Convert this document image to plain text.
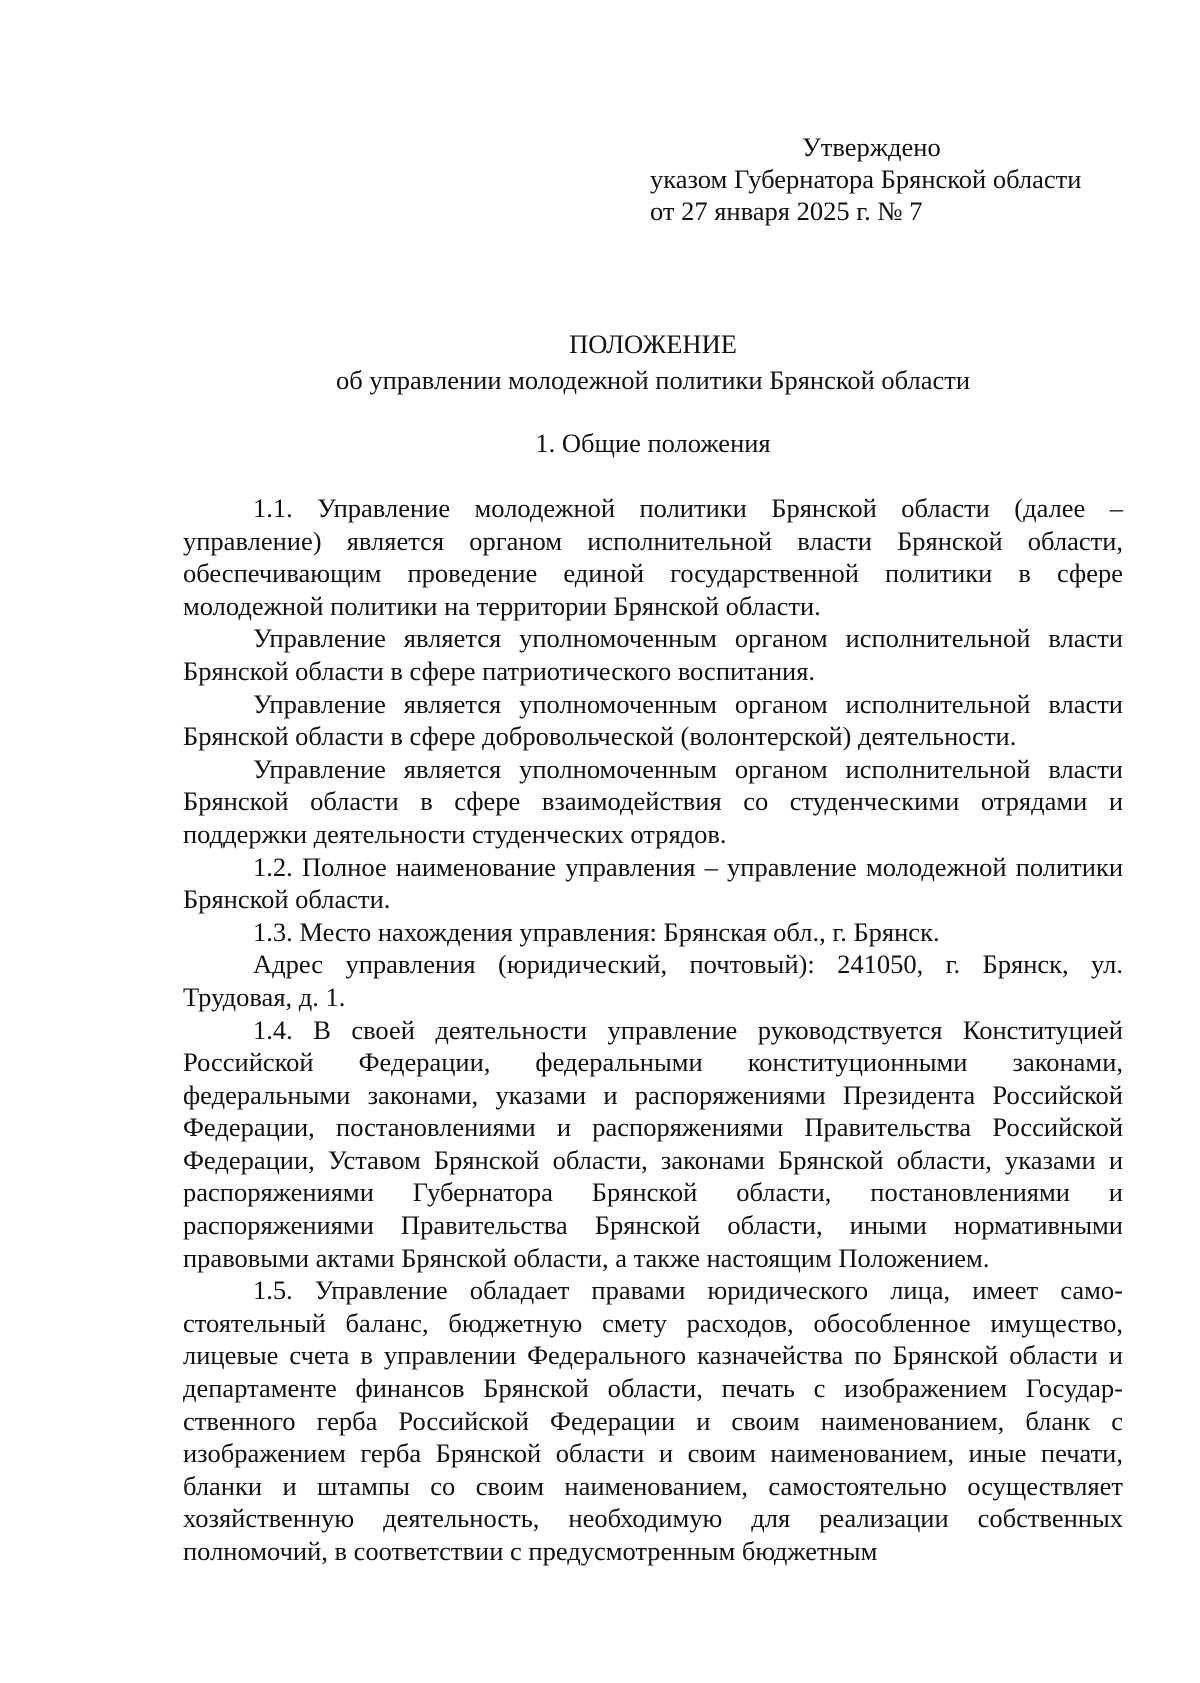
Утверждено
указом Губернатора Брянской области
от 27 января 2025 г. № 7
ПОЛОЖЕНИЕ
об управлении молодежной политики Брянской области
1. Общие положения

1.1. Управление молодежной политики Брянской области (далее – управление) является органом исполнительной власти Брянской области, обеспечивающим проведение единой государственной политики в сфере молодежной политики на территории Брянской области.

Управление является уполномоченным органом исполнительной власти Брянской области в сфере патриотического воспитания.

Управление является уполномоченным органом исполнительной власти Брянской области в сфере добровольческой (волонтерской) деятельности.

Управление является уполномоченным органом исполнительной власти Брянской области в сфере взаимодействия со студенческими отрядами и поддержки деятельности студенческих отрядов.

1.2. Полное наименование управления – управление молодежной политики Брянской области.

1.3. Место нахождения управления: Брянская обл., г. Брянск.

Адрес управления (юридический, почтовый): 241050, г. Брянск, ул. Трудовая, д. 1.

1.4. В своей деятельности управление руководствуется Конституцией Российской Федерации, федеральными конституционными законами, федеральными законами, указами и распоряжениями Президента Российской Федерации, постановлениями и распоряжениями Правительства Российской Федерации, Уставом Брянской области, законами Брянской области, указами и распоряжениями Губернатора Брянской области, постановлениями и распоряжениями Правительства Брянской области, иными нормативными правовыми актами Брянской области, а также настоящим Положением.

1.5. Управление обладает правами юридического лица, имеет самостоятельный баланс, бюджетную смету расходов, обособленное имущество, лицевые счета в управлении Федерального казначейства по Брянской области и департаменте финансов Брянской области, печать с изображением Государственного герба Российской Федерации и своим наименованием, бланк с изображением герба Брянской области и своим наименованием, иные печати, бланки и штампы со своим наименованием, самостоятельно осуществляет хозяйственную деятельность, необходимую для реализации собственных полномочий, в соответствии с предусмотренным бюджетным
